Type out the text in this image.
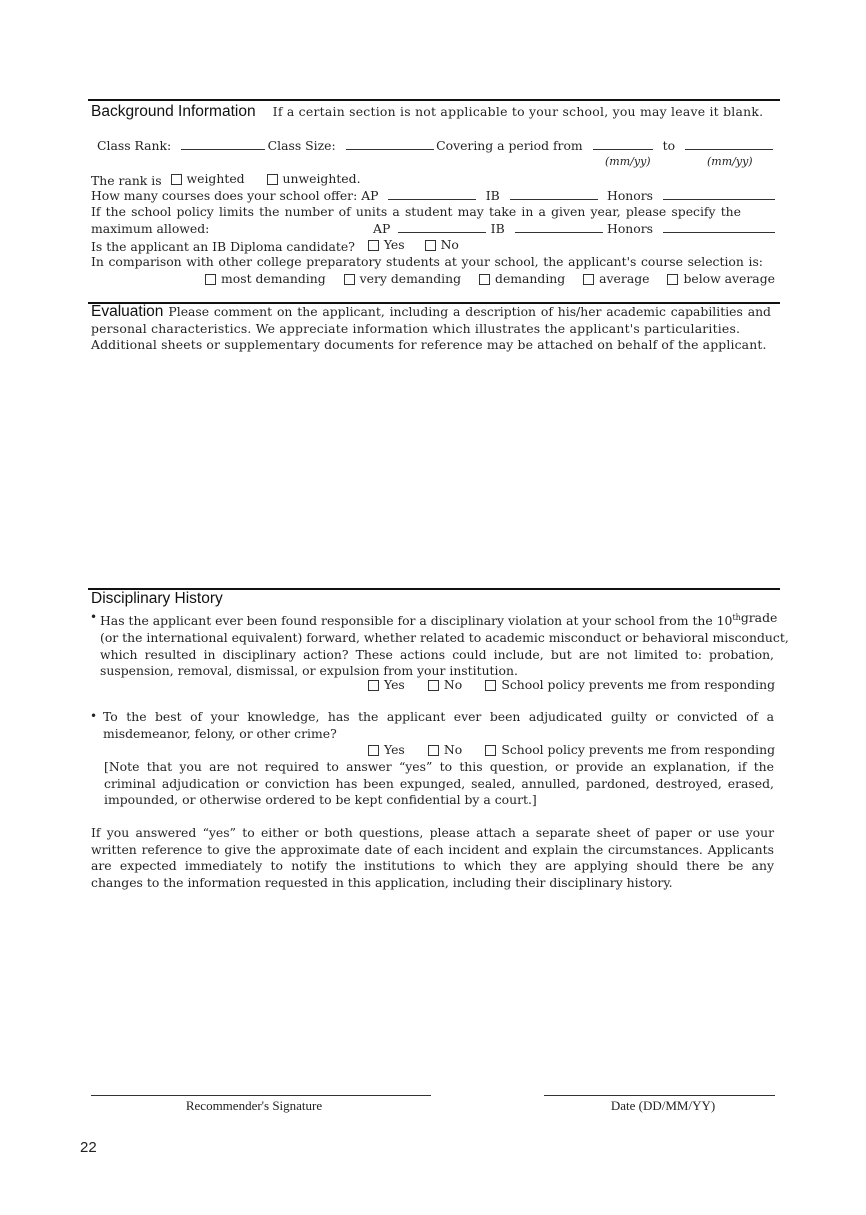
Background Information If a certain section is not applicable to your school, you may leave it blank.
Class Rank:	Class Size:	Covering a period from	to
(mm/yy)	(mm/yy)
The rank is weighted
	unweighted.
How many courses does your school offer: AP	IB	Honors
If the school policy limits the number of units a student may take in a given year, please specify the
maximum allowed:	AP	IB	Honors
Is the applicant an IB Diploma candidate? Yes
	No
In comparison with other college preparatory students at your school, the applicant's course selection is:
most demanding	very demanding	demanding	average	below average
Evaluation Please comment on the applicant, including a description of his/her academic capabilities and
personal characteristics. We appreciate information which illustrates the applicant's particularities.
Additional sheets or supplementary documents for reference may be attached on behalf of the applicant.
Disciplinary History
• Has the applicant ever been found responsible for a disciplinary violation at your school from the 10th grade
(or the international equivalent) forward, whether related to academic misconduct or behavioral misconduct,
which resulted in disciplinary action? These actions could include, but are not limited to: probation,
suspension, removal, dismissal, or expulsion from your institution.
Yes	No	School policy prevents me from responding
• To the best of your knowledge, has the applicant ever been adjudicated guilty or convicted of a
misdemeanor, felony, or other crime?
Yes	No	School policy prevents me from responding
[Note that you are not required to answer “yes” to this question, or provide an explanation, if the
criminal adjudication or conviction has been expunged, sealed, annulled, pardoned, destroyed, erased,
impounded, or otherwise ordered to be kept confidential by a court.]
If you answered “yes” to either or both questions, please attach a separate sheet of paper or use your
written reference to give the approximate date of each incident and explain the circumstances. Applicants
are expected immediately to notify the institutions to which they are applying should there be any
changes to the information requested in this application, including their disciplinary history.
Recommender's Signature	Date (DD/MM/YY)
22
